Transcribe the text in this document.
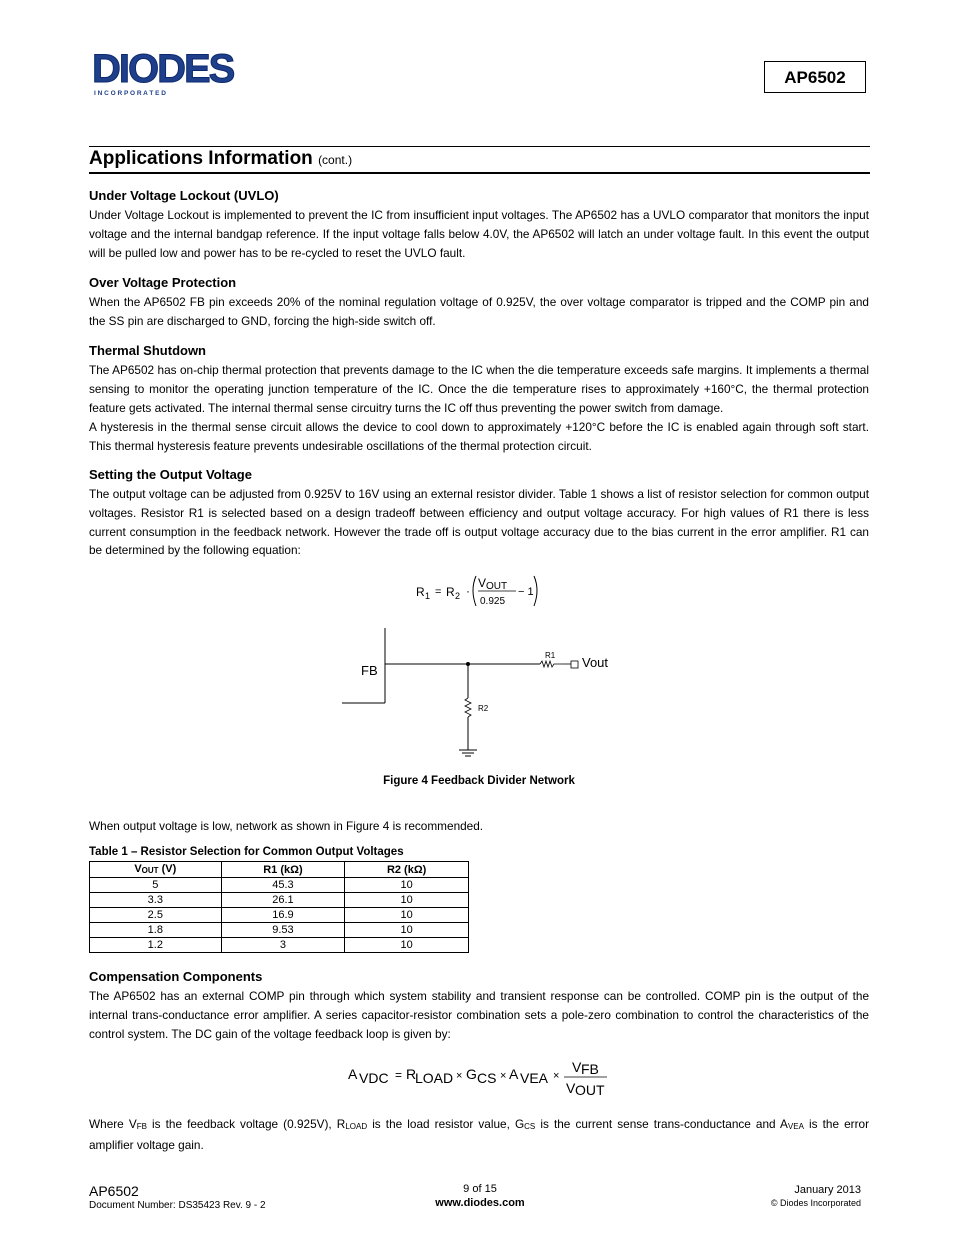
DIODES
I N C O R P O R A T E D
AP6502
Applications Information (cont.)
Under Voltage Lockout (UVLO)
Under Voltage Lockout is implemented to prevent the IC from insufficient input voltages. The AP6502 has a UVLO comparator that monitors the input voltage and the internal bandgap reference. If the input voltage falls below 4.0V, the AP6502 will latch an under voltage fault. In this event the output will be pulled low and power has to be re-cycled to reset the UVLO fault.
Over Voltage Protection
When the AP6502 FB pin exceeds 20% of the nominal regulation voltage of 0.925V, the over voltage comparator is tripped and the COMP pin and the SS pin are discharged to GND, forcing the high-side switch off.
Thermal Shutdown
The AP6502 has on-chip thermal protection that prevents damage to the IC when the die temperature exceeds safe margins. It implements a thermal sensing to monitor the operating junction temperature of the IC. Once the die temperature rises to approximately +160°C, the thermal protection feature gets activated. The internal thermal sense circuitry turns the IC off thus preventing the power switch from damage.
A hysteresis in the thermal sense circuit allows the device to cool down to approximately +120°C before the IC is enabled again through soft start. This thermal hysteresis feature prevents undesirable oscillations of the thermal protection circuit.
Setting the Output Voltage
The output voltage can be adjusted from 0.925V to 16V using an external resistor divider. Table 1 shows a list of resistor selection for common output voltages. Resistor R1 is selected based on a design tradeoff between efficiency and output voltage accuracy. For high values of R1 there is less current consumption in the feedback network. However the trade off is output voltage accuracy due to the bias current in the error amplifier. R1 can be determined by the following equation:
R 1 = R 2 ·
V OUT
0.925
− 1
FB
R1 Vout
R2
Figure 4 Feedback Divider Network
When output voltage is low, network as shown in Figure 4 is recommended.
Table 1 – Resistor Selection for Common Output Voltages
VOUT (V)	R1 (kΩ)	R2 (kΩ)
5	45.3	10
3.3	26.1	10
2.5	16.9	10
1.8	9.53	10
1.2	3	10
Compensation Components
The AP6502 has an external COMP pin through which system stability and transient response can be controlled. COMP pin is the output of the internal trans-conductance error amplifier. A series capacitor-resistor combination sets a pole-zero combination to control the characteristics of the control system. The DC gain of the voltage feedback loop is given by:
A VDC = R
LOAD × G CS × A VEA ×
V FB
V OUT
Where VFB is the feedback voltage (0.925V), RLOAD is the load resistor value, GCS is the current sense trans-conductance and AVEA is the error amplifier voltage gain.
AP6502
Document Number: DS35423 Rev. 9 - 2
9 of 15
www.diodes.com
January 2013
© Diodes Incorporated
